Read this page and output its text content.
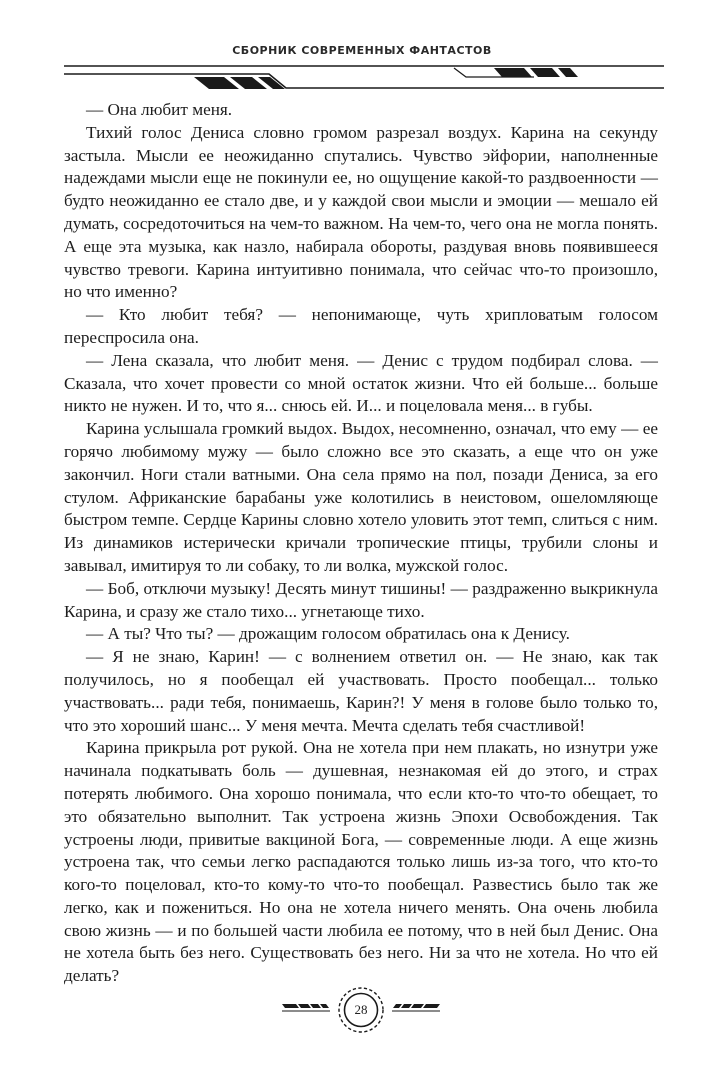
СБОРНИК СОВРЕМЕННЫХ ФАНТАСТОВ

— Она любит меня.

Тихий голос Дениса словно громом разрезал воздух. Карина на секунду застыла. Мысли ее неожиданно спутались. Чувство эйфории, наполненные надеждами мысли еще не покинули ее, но ощущение какой-то раздвоенности — будто неожиданно ее стало две, и у каждой свои мысли и эмоции — мешало ей думать, сосредоточиться на чем-то важном. На чем-то, чего она не могла понять. А еще эта музыка, как назло, набирала обороты, раздувая вновь появившееся чувство тревоги. Карина интуитивно понимала, что сейчас что-то произошло, но что именно?

— Кто любит тебя? — непонимающе, чуть хрипловатым голосом переспросила она.

— Лена сказала, что любит меня. — Денис с трудом подбирал слова. — Сказала, что хочет провести со мной остаток жизни. Что ей больше... больше никто не нужен. И то, что я... снюсь ей. И... и поцеловала меня... в губы.

Карина услышала громкий выдох. Выдох, несомненно, означал, что ему — ее горячо любимому мужу — было сложно все это сказать, а еще что он уже закончил. Ноги стали ватными. Она села прямо на пол, позади Дениса, за его стулом. Африканские барабаны уже колотились в неистовом, ошеломляюще быстром темпе. Сердце Карины словно хотело уловить этот темп, слиться с ним. Из динамиков истерически кричали тропические птицы, трубили слоны и завывал, имитируя то ли собаку, то ли волка, мужской голос.

— Боб, отключи музыку! Десять минут тишины! — раздраженно выкрикнула Карина, и сразу же стало тихо... угнетающе тихо.

— А ты? Что ты? — дрожащим голосом обратилась она к Денису.

— Я не знаю, Карин! — с волнением ответил он. — Не знаю, как так получилось, но я пообещал ей участвовать. Просто пообещал... только участвовать... ради тебя, понимаешь, Карин?! У меня в голове было только то, что это хороший шанс... У меня мечта. Мечта сделать тебя счастливой!

Карина прикрыла рот рукой. Она не хотела при нем плакать, но изнутри уже начинала подкатывать боль — душевная, незнакомая ей до этого, и страх потерять любимого. Она хорошо понимала, что если кто-то что-то обещает, то это обязательно выполнит. Так устроена жизнь Эпохи Освобождения. Так устроены люди, привитые вакциной Бога, — современные люди. А еще жизнь устроена так, что семьи легко распадаются только лишь из-за того, что кто-то кого-то поцеловал, кто-то кому-то что-то пообещал. Развестись было так же легко, как и пожениться. Но она не хотела ничего менять. Она очень любила свою жизнь — и по большей части любила ее потому, что в ней был Денис. Она не хотела быть без него. Существовать без него. Ни за что не хотела. Но что ей делать?

28
